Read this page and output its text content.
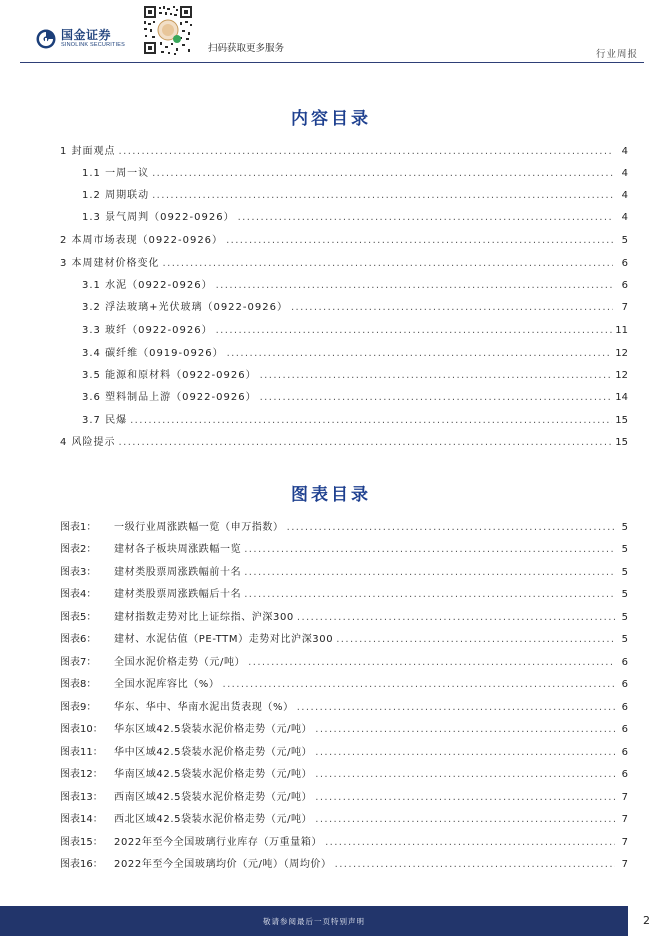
国金证券
SINOLINK SECURITIES	扫码获取更多服务
行业周报
内容目录
1 封面观点 .....	4
1.1 一周一议 .....	4
1.2 周期联动 .....	4
1.3 景气周判（0922-0926） .....	4
2 本周市场表现（0922-0926） .....	5
3 本周建材价格变化 .....	6
3.1 水泥（0922-0926） .....	6
3.2 浮法玻璃+光伏玻璃（0922-0926） .....	7
3.3 玻纤（0922-0926） .....	11
3.4 碳纤维（0919-0926） .....	12
3.5 能源和原材料（0922-0926） .....	12
3.6 塑料制品上游（0922-0926） .....	14
3.7 民爆 .....	15
4 风险提示 .....	15
图表目录
图表1：	一级行业周涨跌幅一览（申万指数） .....	5
图表2：	建材各子板块周涨跌幅一览 .....	5
图表3：	建材类股票周涨跌幅前十名 .....	5
图表4：	建材类股票周涨跌幅后十名 .....	5
图表5：	建材指数走势对比上证综指、沪深300 .....	5
图表6：	建材、水泥估值（PE-TTM）走势对比沪深300 .....	5
图表7：	全国水泥价格走势（元/吨） .....	6
图表8：	全国水泥库容比（%） .....	6
图表9：	华东、华中、华南水泥出货表现（%） .....	6
图表10：	华东区域42.5袋装水泥价格走势（元/吨） .....	6
图表11：	华中区域42.5袋装水泥价格走势（元/吨） .....	6
图表12：	华南区域42.5袋装水泥价格走势（元/吨） .....	6
图表13：	西南区域42.5袋装水泥价格走势（元/吨） .....	7
图表14：	西北区域42.5袋装水泥价格走势（元/吨） .....	7
图表15：	2022年至今全国玻璃行业库存（万重量箱） .....	7
图表16：	2022年至今全国玻璃均价（元/吨）（周均价） .....	7
敬请参阅最后一页特别声明	2
